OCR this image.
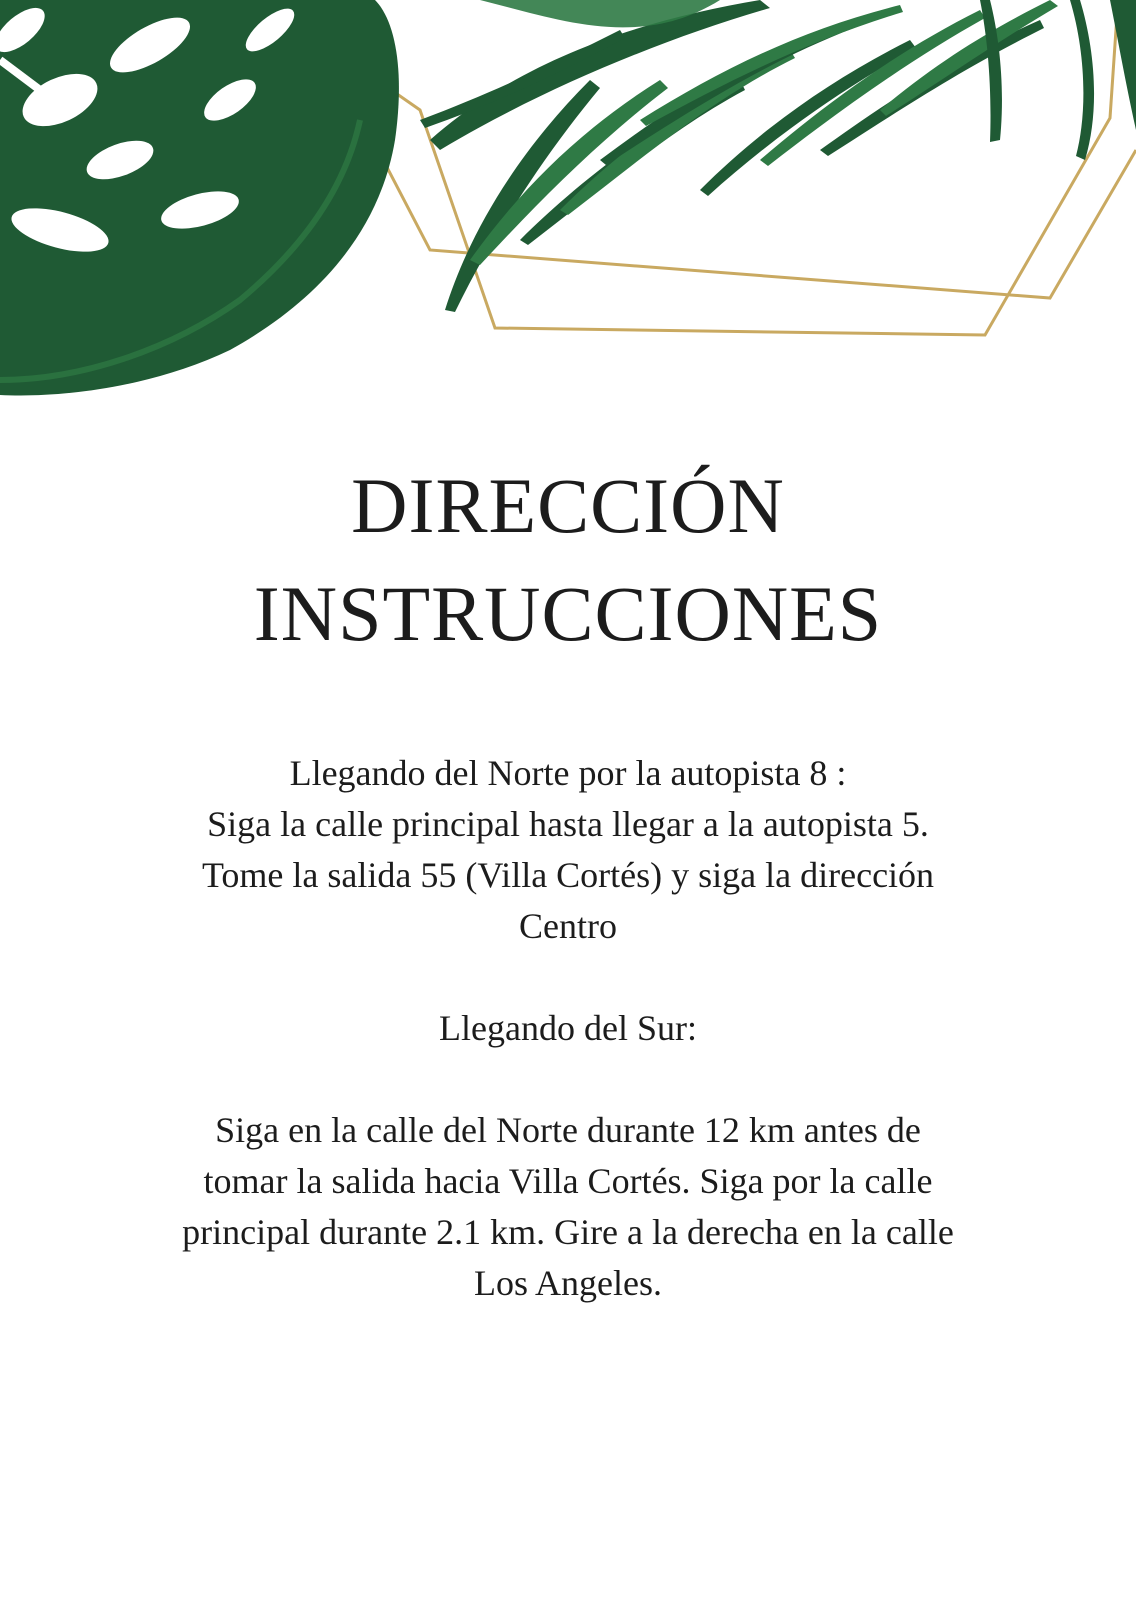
DIRECCIÓN
INSTRUCCIONES

Llegando del Norte por la autopista 8 :

Siga la calle principal hasta llegar a la autopista 5.

Tome la salida 55 (Villa Cortés) y siga la dirección

Centro

Llegando del Sur:

Siga en la calle del Norte durante 12 km antes de

tomar la salida hacia Villa Cortés. Siga por la calle

principal durante 2.1 km. Gire a la derecha en la calle

Los Angeles.
